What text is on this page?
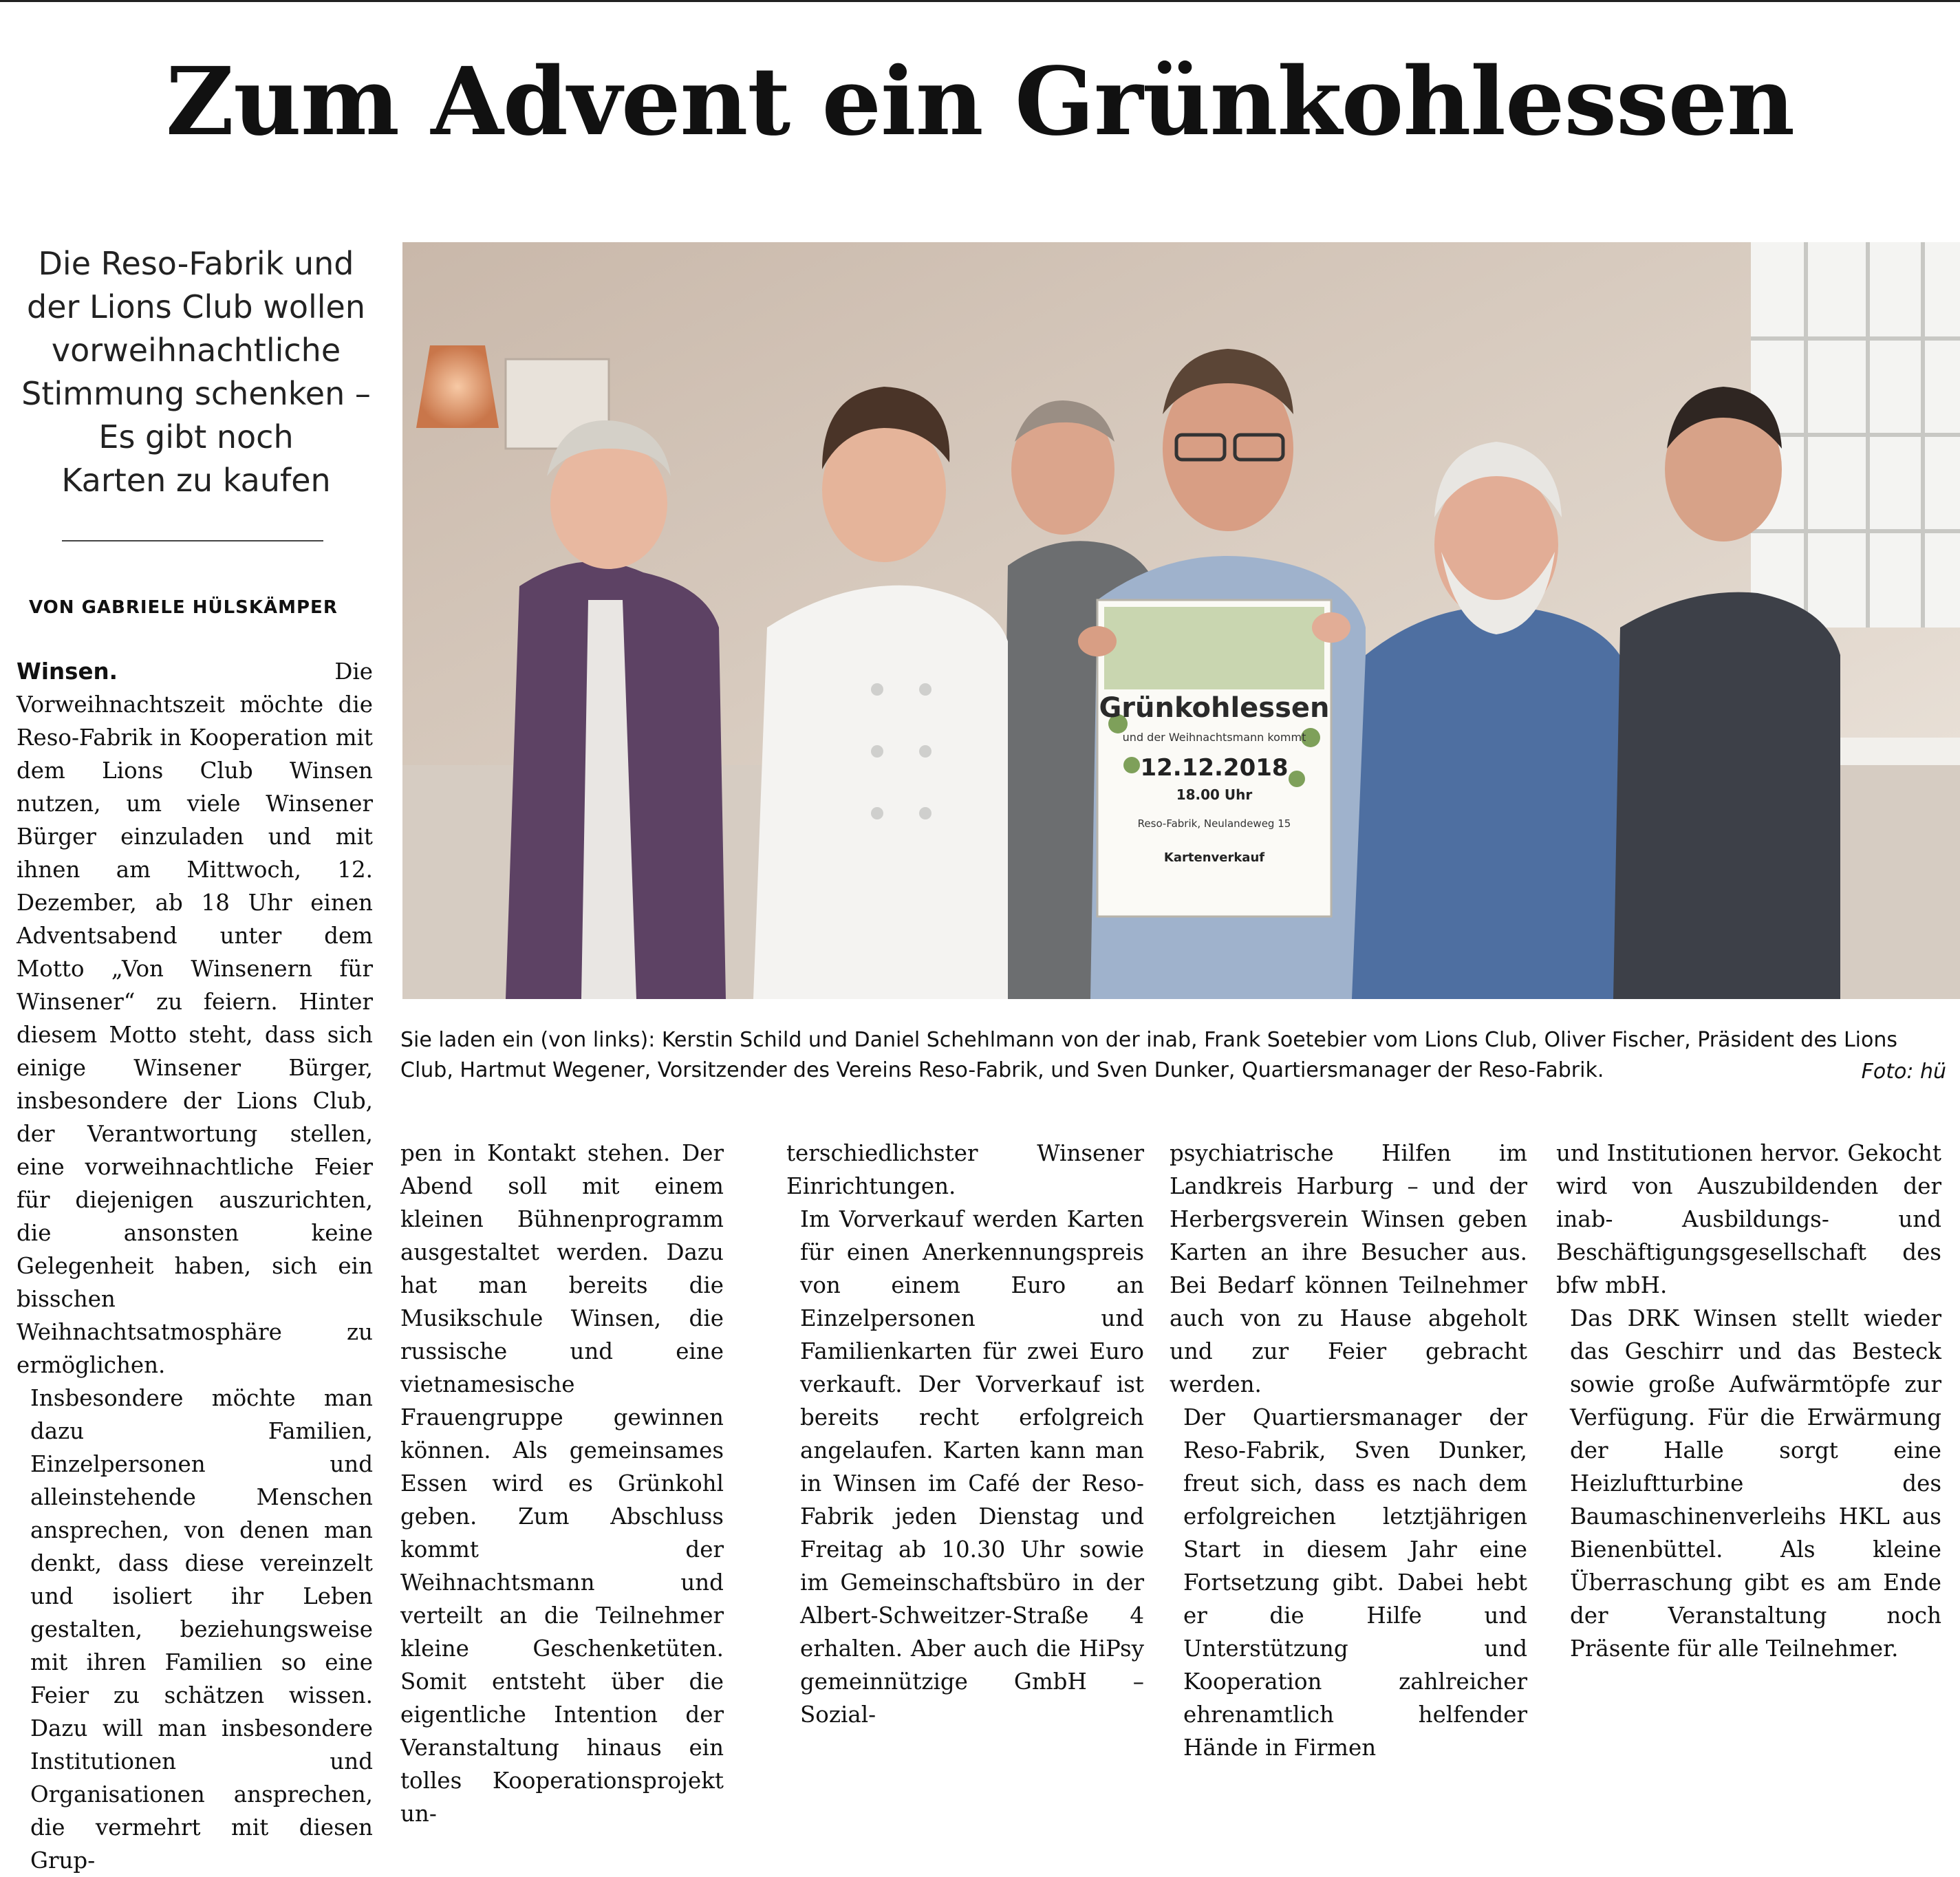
Zum Advent ein Grünkohlessen
Die Reso-Fabrik und
der Lions Club wollen
vorweihnachtliche
Stimmung schenken –
Es gibt noch
Karten zu kaufen
VON GABRIELE HÜLSKÄMPER
Grünkohlessen
und der Weihnachtsmann kommt
12.12.2018
18.00 Uhr
Reso-Fabrik, Neulandeweg 15
Kartenverkauf
Sie laden ein (von links): Kerstin Schild und Daniel Schehlmann von der inab, Frank Soetebier vom Lions Club, Oliver Fischer, Präsident des Lions Club, Hartmut Wegener, Vorsitzender des Vereins Reso-Fabrik, und Sven Dunker, Quartiersmanager der Reso-Fabrik.	Foto: hü

Winsen.	Die Vorweihnachtszeit möchte die Reso-Fabrik in Kooperation mit dem Lions Club Winsen nutzen, um viele Winsener Bürger einzuladen und mit ihnen am Mittwoch, 12. Dezember, ab 18 Uhr einen Adventsabend unter dem Motto „Von Winsenern für Winsener“ zu feiern. Hinter diesem Motto steht, dass sich einige Winsener Bürger, insbesondere der Lions Club, der Verantwortung stellen, eine vorweihnachtliche Feier für diejenigen auszurichten, die ansonsten keine Gelegenheit haben, sich ein bisschen Weihnachtsatmosphäre zu ermöglichen.

Insbesondere möchte man dazu Familien, Einzelpersonen und alleinstehende Menschen ansprechen, von denen man denkt, dass diese vereinzelt und isoliert ihr Leben gestalten, beziehungsweise mit ihren Familien so eine Feier zu schätzen wissen. Dazu will man insbesondere Institutionen und Organisationen ansprechen, die vermehrt mit diesen Grup-

pen in Kontakt stehen. Der Abend soll mit einem kleinen Bühnenprogramm ausgestaltet werden. Dazu hat man bereits die Musikschule Winsen, die russische und eine vietnamesische Frauengruppe gewinnen können. Als gemeinsames Essen wird es Grünkohl geben. Zum Abschluss kommt der Weihnachtsmann und verteilt an die Teilnehmer kleine Geschenketüten. Somit entsteht über die eigentliche Intention der Veranstaltung hinaus ein tolles Kooperationsprojekt un-

terschiedlichster Winsener Einrichtungen.

Im Vorverkauf werden Karten für einen Anerkennungspreis von einem Euro an Einzelpersonen und Familienkarten für zwei Euro verkauft. Der Vorverkauf ist bereits recht erfolgreich angelaufen. Karten kann man in Winsen im Café der Reso-Fabrik jeden Dienstag und Freitag ab 10.30 Uhr sowie im Gemeinschaftsbüro in der Albert-Schweitzer-Straße 4 erhalten. Aber auch die HiPsy gemeinnützige GmbH – Sozial-

psychiatrische Hilfen im Landkreis Harburg – und der Herbergsverein Winsen geben Karten an ihre Besucher aus. Bei Bedarf können Teilnehmer auch von zu Hause abgeholt und zur Feier gebracht werden.

Der Quartiersmanager der Reso-Fabrik, Sven Dunker, freut sich, dass es nach dem erfolgreichen letztjährigen Start in diesem Jahr eine Fortsetzung gibt. Dabei hebt er die Hilfe und Unterstützung und Kooperation zahlreicher ehrenamtlich helfender Hände in Firmen

und Institutionen hervor. Gekocht wird von Auszubildenden der inab- Ausbildungs- und Beschäftigungsgesellschaft des bfw mbH.

Das DRK Winsen stellt wieder das Geschirr und das Besteck sowie große Aufwärmtöpfe zur Verfügung. Für die Erwärmung der Halle sorgt eine Heizluftturbine des Baumaschinenverleihs HKL aus Bienenbüttel. Als kleine Überraschung gibt es am Ende der Veranstaltung noch Präsente für alle Teilnehmer.
